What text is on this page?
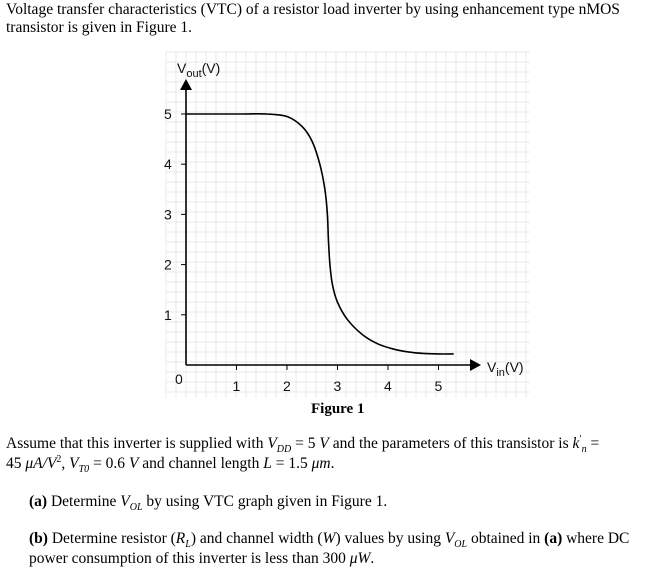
Voltage transfer characteristics (VTC) of a resistor load inverter by using enhancement type nMOS
transistor is given in Figure 1.
1
2
3
4
5
1	2	3	4	5
$V_{out}(V)$
$V_{in}(V)$
0
Figure 1
Assume that this inverter is supplied with $V_{DD} = 5$ V and the parameters of this transistor is $k'_n$ =
45 $\mu A/V^2$, $V_{T0} = 0.6$ V and channel length L = 1.5 μm.
(a) Determine $V_{OL}$ by using VTC graph given in Figure 1.
(b) Determine resistor $(R_L)$ and channel width (W) values by using $V_{OL}$ obtained in (a) where DC
power consumption of this inverter is less than 300 μW.
